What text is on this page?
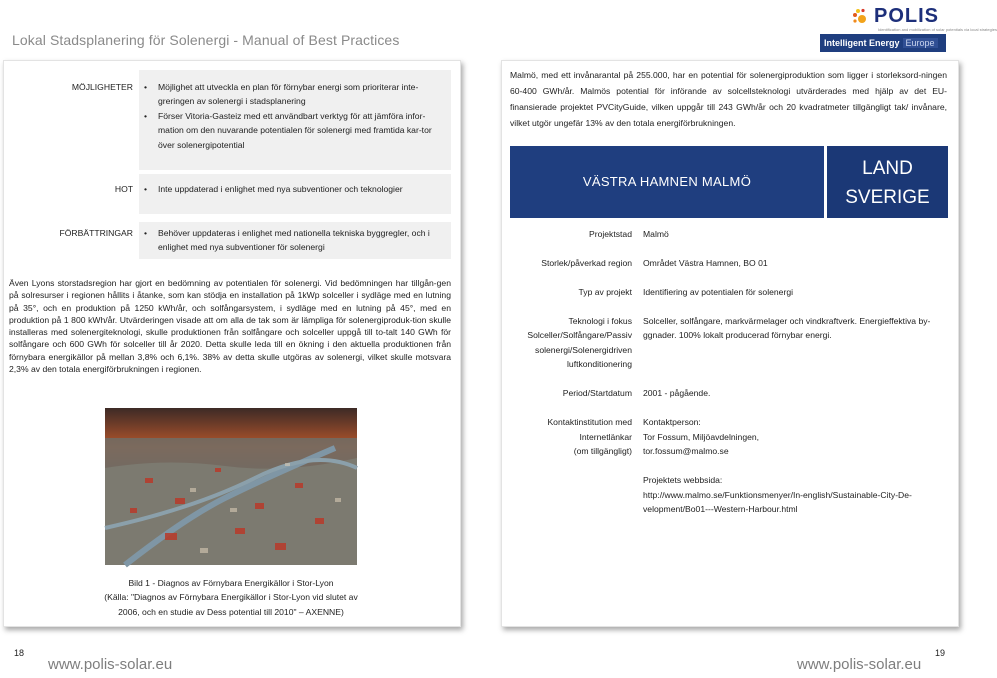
Lokal Stadsplanering för Solenergi - Manual of Best Practices
POLIS
Identification and mobilization of solar potentials via local strategies
Intelligent Energy Europe
MÖJLIGHETER • Möjlighet att utveckla en plan för förnybar energi som prioriterar inte-greringen av solenergi i stadsplanering
• Förser Vitoria-Gasteiz med ett användbart verktyg för att jämföra infor-mation om den nuvarande potentialen för solenergi med framtida kar-tor över solenergipotential
HOT • Inte uppdaterad i enlighet med nya subventioner och teknologier
FÖRBÄTTRINGAR • Behöver uppdateras i enlighet med nationella tekniska byggregler, och i enlighet med nya subventioner för solenergi
Även Lyons storstadsregion har gjort en bedömning av potentialen för solenergi. Vid bedömningen har tillgån-gen på solresurser i regionen hållits i åtanke, som kan stödja en installation på 1kWp solceller i sydläge med en lutning på 35°, och en produktion på 1250 kWh/år, och solfångarsystem, i sydläge med en lutning på 45°, med en produktion på 1 800 kWh/år. Utvärderingen visade att om alla de tak som är lämpliga för solenergiproduk-tion skulle installeras med solenergiteknologi, skulle produktionen från solfångare och solceller uppgå till to-talt 140 GWh för solfångare och 600 GWh för solceller till år 2020. Detta skulle leda till en ökning i den aktuella produktionen från förnybara energikällor på mellan 3,8% och 6,1%. 38% av detta skulle utgöras av solenergi, vilket skulle motsvara 2,3% av den totala energiförbrukningen i regionen.
Bild 1 - Diagnos av Förnybara Energikällor i Stor-Lyon
(Källa: "Diagnos av Förnybara Energikällor i Stor-Lyon vid slutet av
2006, och en studie av Dess potential till 2010" – AXENNE)
18
www.polis-solar.eu
Malmö, med ett invånarantal på 255.000, har en potential för solenergiproduktion som ligger i storleksord-ningen 60-400 GWh/år. Malmös potential för införande av solcellsteknologi utvärderades med hjälp av det EU-finansierade projektet PVCityGuide, vilken uppgår till 243 GWh/år och 20 kvadratmeter tillgängligt tak/ invånare, vilket utgör ungefär 13% av den totala energiförbrukningen.
VÄSTRA HAMNEN MALMÖ
LAND
SVERIGE
Projektstad Malmö
Storlek/påverkad region Området Västra Hamnen, BO 01
Typ av projekt Identifiering av potentialen för solenergi
Teknologi i fokus
Solceller/Solfångare/Passiv
solenergi/Solenergidriven
luftkonditionering
Solceller, solfångare, markvärmelager och vindkraftverk. Energieffektiva by-
ggnader. 100% lokalt producerad förnybar energi.
Period/Startdatum 2001 - pågående.
Kontaktinstitution med
Internetlänkar
(om tillgängligt)
Kontaktperson:
Tor Fossum, Miljöavdelningen,
tor.fossum@malmo.se
Projektets webbsida:
http://www.malmo.se/Funktionsmenyer/In-english/Sustainable-City-De-
velopment/Bo01---Western-Harbour.html
19
www.polis-solar.eu
